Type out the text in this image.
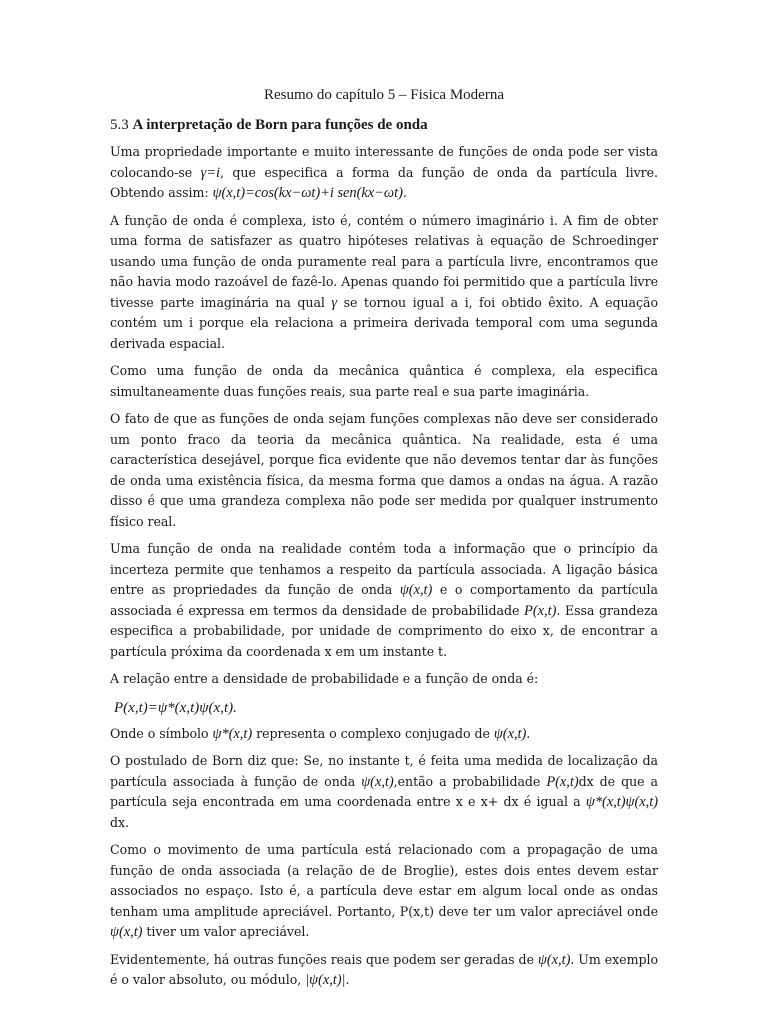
Resumo do capítulo 5 – Fisica Moderna
5.3 A interpretação de Born para funções de onda

Uma propriedade importante e muito interessante de funções de onda pode ser vista colocando-se γ=i, que especifica a forma da função de onda da partícula livre. Obtendo assim: ψ(x,t)=cos(kx−ωt)+i sen(kx−ωt).

A função de onda é complexa, isto é, contém o número imaginário i. A fim de obter uma forma de satisfazer as quatro hipóteses relativas à equação de Schroedinger usando uma função de onda puramente real para a partícula livre, encontramos que não havia modo razoável de fazê-lo. Apenas quando foi permitido que a partícula livre tivesse parte imaginária na qual γ se tornou igual a i, foi obtido êxito. A equação contém um i porque ela relaciona a primeira derivada temporal com uma segunda derivada espacial.

Como uma função de onda da mecânica quântica é complexa, ela especifica simultaneamente duas funções reais, sua parte real e sua parte imaginária.

O fato de que as funções de onda sejam funções complexas não deve ser considerado um ponto fraco da teoria da mecânica quântica. Na realidade, esta é uma característica desejável, porque fica evidente que não devemos tentar dar às funções de onda uma existência física, da mesma forma que damos a ondas na água. A razão disso é que uma grandeza complexa não pode ser medida por qualquer instrumento físico real.

Uma função de onda na realidade contém toda a informação que o princípio da incerteza permite que tenhamos a respeito da partícula associada. A ligação básica entre as propriedades da função de onda ψ(x,t) e o comportamento da partícula associada é expressa em termos da densidade de probabilidade P(x,t). Essa grandeza especifica a probabilidade, por unidade de comprimento do eixo x, de encontrar a partícula próxima da coordenada x em um instante t.

A relação entre a densidade de probabilidade e a função de onda é:

P(x,t)=ψ*(x,t)ψ(x,t).

Onde o símbolo ψ*(x,t) representa o complexo conjugado de ψ(x,t).

O postulado de Born diz que: Se, no instante t, é feita uma medida de localização da partícula associada à função de onda ψ(x,t),então a probabilidade P(x,t)dx de que a partícula seja encontrada em uma coordenada entre x e x+ dx é igual a ψ*(x,t)ψ(x,t) dx.

Como o movimento de uma partícula está relacionado com a propagação de uma função de onda associada (a relação de de Broglie), estes dois entes devem estar associados no espaço. Isto é, a partícula deve estar em algum local onde as ondas tenham uma amplitude apreciável. Portanto, P(x,t) deve ter um valor apreciável onde ψ(x,t) tiver um valor apreciável.

Evidentemente, há outras funções reais que podem ser geradas de ψ(x,t). Um exemplo é o valor absoluto, ou módulo, |ψ(x,t)|.
